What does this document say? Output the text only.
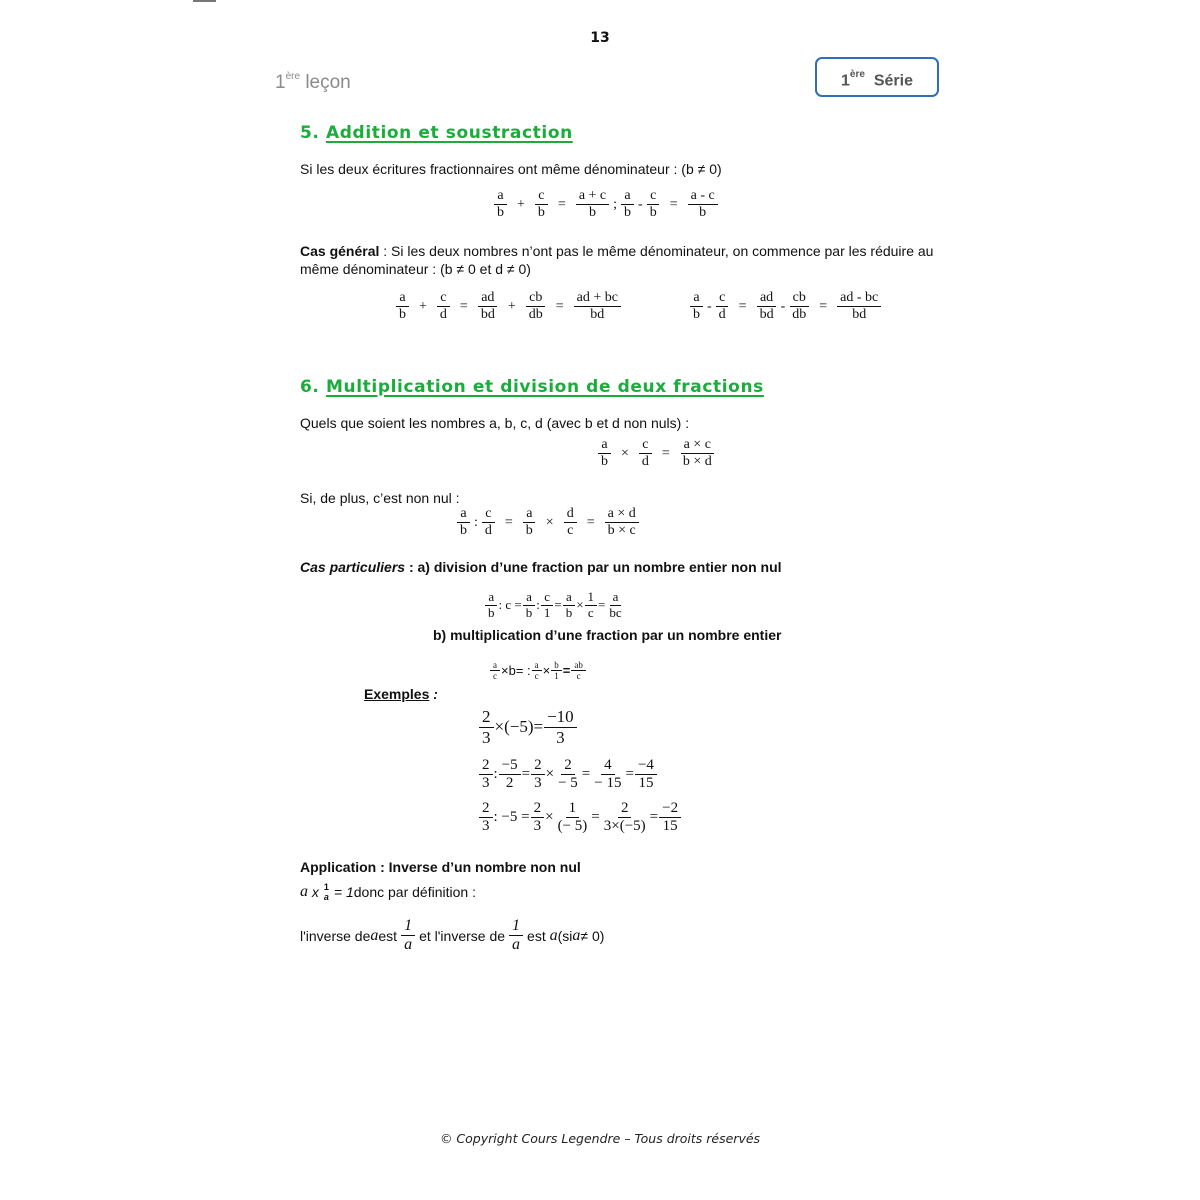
13
1ère leçon	1ère Série
5. Addition et soustraction
Si les deux écritures fractionnaires ont même dénominateur : (b ≠ 0)
$\frac{a}{b} + \frac{c}{b} = \frac{a + c}{b}$ ; $\frac{a}{b} - \frac{c}{b} = \frac{a - c}{b}$
Cas général : Si les deux nombres n’ont pas le même dénominateur, on commence par les réduire au même dénominateur : (b ≠ 0 et d ≠ 0)
$\frac{a}{b} + \frac{c}{d} = \frac{ad}{bd} + \frac{cb}{db} = \frac{ad + bc}{bd}$	$\frac{a}{b} - \frac{c}{d} = \frac{ad}{bd} - \frac{cb}{db} = \frac{ad - bc}{bd}$
6. Multiplication et division de deux fractions
Quels que soient les nombres a, b, c, d (avec b et d non nuls) :
$\frac{a}{b} \times \frac{c}{d} = \frac{a \times c}{b \times d}$
Si, de plus, c’est non nul :
$\frac{a}{b}$ : $\frac{c}{d} = \frac{a}{b} \times \frac{d}{c} = \frac{a \times d}{b \times c}$
Cas particuliers : a) division d’une fraction par un nombre entier non nul
$\frac{a}{b}$ : $c = \frac{a}{b}$ : $\frac{c}{1} = \frac{a}{b} \times \frac{1}{c} = \frac{a}{bc}$
b) multiplication d’une fraction par un nombre entier
$\frac{a}{c} \times b=$ : $\frac{a}{c} \times \frac{b}{1} = \frac{ab}{c}$
Exemples :
$\frac{2}{3} \times(-5)= \frac{-10}{3}$
$\frac{2}{3}$ : $\frac{-5}{2} = \frac{2}{3} \times \frac{2}{- 5} = \frac{4}{- 15} = \frac{-4}{15}$
$\frac{2}{3}$ : $-5 = \frac{2}{3} \times \frac{1}{(- 5)} = \frac{2}{3\times(-5)} = \frac{-2}{15}$
Application : Inverse d’un nombre non nul
a
x 1
a = 1 donc par définition :
l'inverse de a est $\frac{1}{a}$ et l'inverse de $\frac{1}{a}$ est
a (si a ≠ 0)
© Copyright Cours Legendre – Tous droits réservés
